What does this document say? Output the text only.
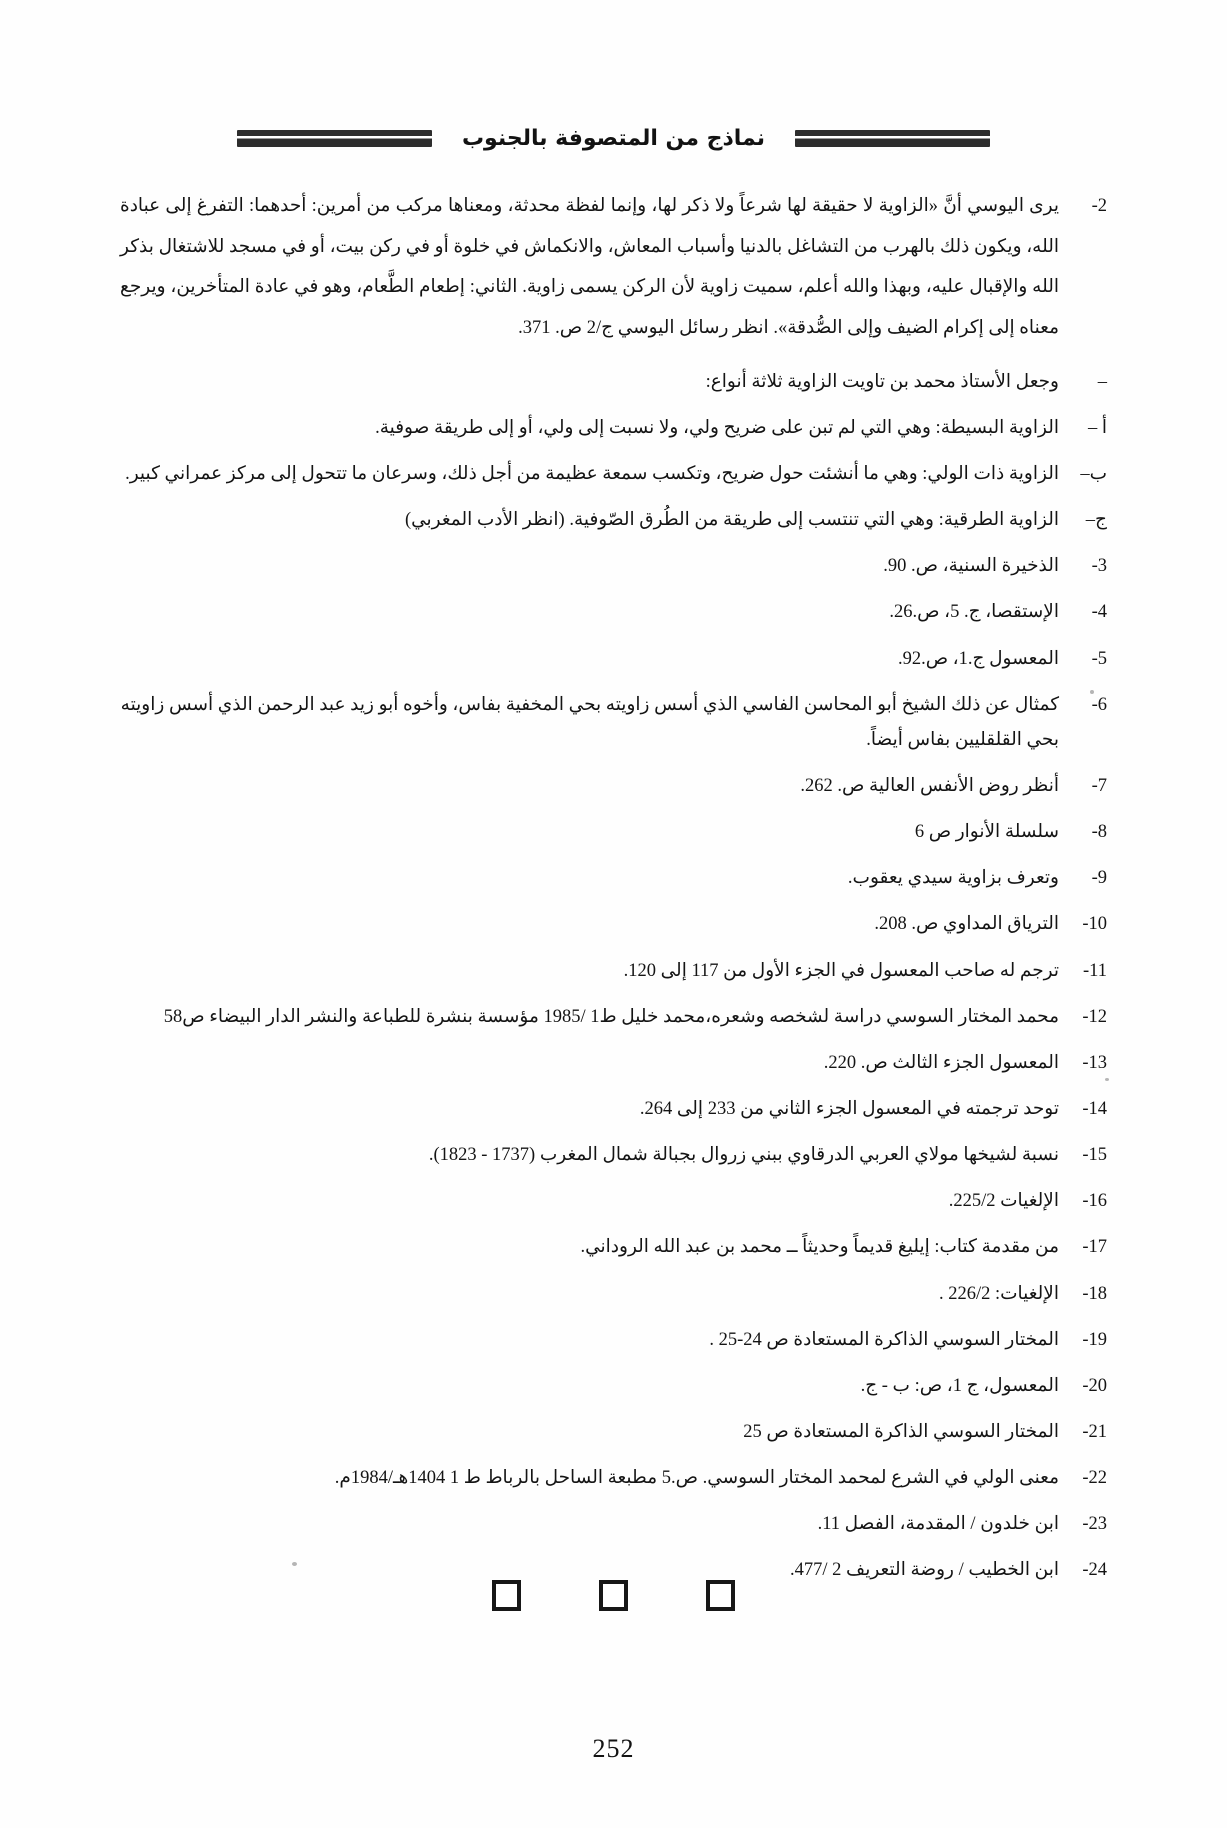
نماذج من المتصوفة بالجنوب
2-
يرى اليوسي أنَّ «الزاوية لا حقيقة لها شرعاً ولا ذكر لها، وإنما لفظة محدثة، ومعناها مركب من أمرين: أحدهما: التفرغ إلى عبادة الله، ويكون ذلك بالهرب من التشاغل بالدنيا وأسباب المعاش، والانكماش في خلوة أو في ركن بيت، أو في مسجد للاشتغال بذكر الله والإقبال عليه، وبهذا والله أعلم، سميت زاوية لأن الركن يسمى زاوية. الثاني: إطعام الطَّعام، وهو في عادة المتأخرين، ويرجع معناه إلى إكرام الضيف وإلى الصُّدقة». انظر رسائل اليوسي ج/2 ص. 371.
–
وجعل الأستاذ محمد بن تاويت الزاوية ثلاثة أنواع:
أ –
الزاوية البسيطة: وهي التي لم تبن على ضريح ولي، ولا نسبت إلى ولي، أو إلى طريقة صوفية.
ب–
الزاوية ذات الولي: وهي ما أنشئت حول ضريح، وتكسب سمعة عظيمة من أجل ذلك، وسرعان ما تتحول إلى مركز عمراني كبير.
ج–
الزاوية الطرقية: وهي التي تنتسب إلى طريقة من الطُرق الصّوفية. (انظر الأدب المغربي)
3-
الذخيرة السنية، ص. 90.
4-
الإستقصا، ج. 5، ص.26.
5-
المعسول ج.1، ص.92.
6-
كمثال عن ذلك الشيخ أبو المحاسن الفاسي الذي أسس زاويته بحي المخفية بفاس، وأخوه أبو زيد عبد الرحمن الذي أسس زاويته بحي القلقليين بفاس أيضاً.
7-
أنظر روض الأنفس العالية ص. 262.
8-
سلسلة الأنوار ص 6
9-
وتعرف بزاوية سيدي يعقوب.
10-
الترياق المداوي ص. 208.
11-
ترجم له صاحب المعسول في الجزء الأول من 117 إلى 120.
12-
محمد المختار السوسي دراسة لشخصه وشعره،محمد خليل ط1 /1985 مؤسسة بنشرة للطباعة والنشر الدار البيضاء ص58
13-
المعسول الجزء الثالث ص. 220.
14-
توحد ترجمته في المعسول الجزء الثاني من 233 إلى 264.
15-
نسبة لشيخها مولاي العربي الدرقاوي ببني زروال بجبالة شمال المغرب (1737 - 1823).
16-
الإلغيات 225/2.
17-
من مقدمة كتاب: إيليغ قديماً وحديثاً ــ محمد بن عبد الله الروداني.
18-
الإلغيات: 226/2 .
19-
المختار السوسي الذاكرة المستعادة ص 24-25 .
20-
المعسول، ج 1، ص: ب - ج.
21-
المختار السوسي الذاكرة المستعادة ص 25
22-
معنى الولي في الشرع لمحمد المختار السوسي. ص.5 مطبعة الساحل بالرباط ط 1 1404هـ/1984م.
23-
ابن خلدون / المقدمة، الفصل 11.
24-
ابن الخطيب / روضة التعريف 2 /477.
252
